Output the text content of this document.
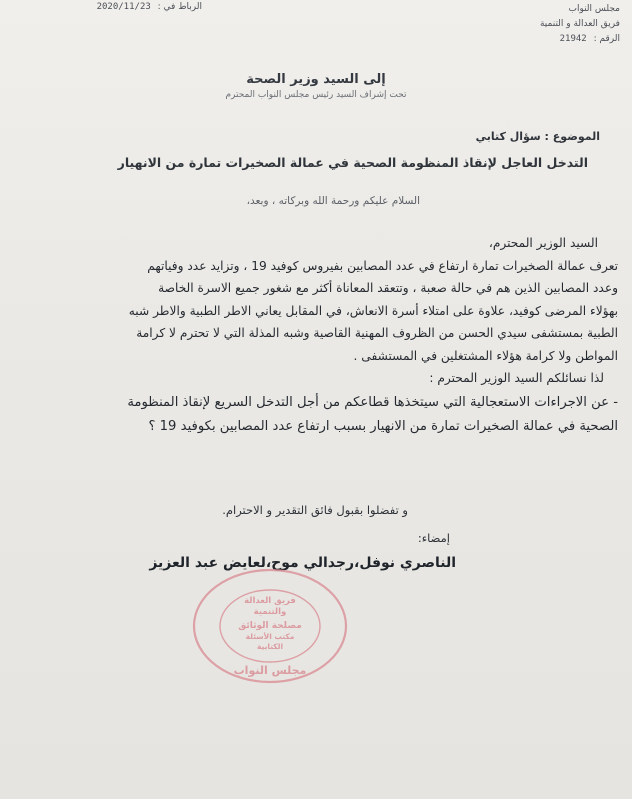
مجلس النواب
فريق العدالة و التنمية
الرقم : 21942
الرباط في : 2020/11/23
إلى السيد وزير الصحة
تحت إشراف السيد رئيس مجلس النواب المحترم
الموضوع : سؤال كتابي
التدخل العاجل لإنقاذ المنظومة الصحية في عمالة الصخيرات تمارة من الانهيار
السلام عليكم ورحمة الله وبركاته ، وبعد،

السيد الوزير المحترم،

تعرف عمالة الصخيرات تمارة ارتفاع في عدد المصابين بفيروس كوفيد 19 ، وتزايد عدد وفياتهم

وعدد المصابين الذين هم في حالة صعبة ، وتتعقد المعاناة أكثر مع شغور جميع الاسرة الخاصة

بهؤلاء المرضى كوفيد، علاوة على امتلاء أسرة الانعاش، في المقابل يعاني الاطر الطبية والاطر شبه

الطبية بمستشفى سيدي الحسن من الظروف المهنية القاصية وشبه المذلة التي لا تحترم لا كرامة

المواطن ولا كرامة هؤلاء المشتغلين في المستشفى .

لذا نسائلكم السيد الوزير المحترم :

- عن الاجراءات الاستعجالية التي سيتخذها قطاعكم من أجل التدخل السريع لإنقاذ المنظومة

الصحية في عمالة الصخيرات تمارة من الانهيار بسبب ارتفاع عدد المصابين بكوفيد 19 ؟

و تفضلوا بقبول فائق التقدير و الاحترام.
إمضاء:
الناصري نوفل،رجدالي موح،لعايض عبد العزيز
فريق العدالة
والتنمية
مصلحة الوثائق
مكتب الأسئلة
الكتابية
مجلس النواب
